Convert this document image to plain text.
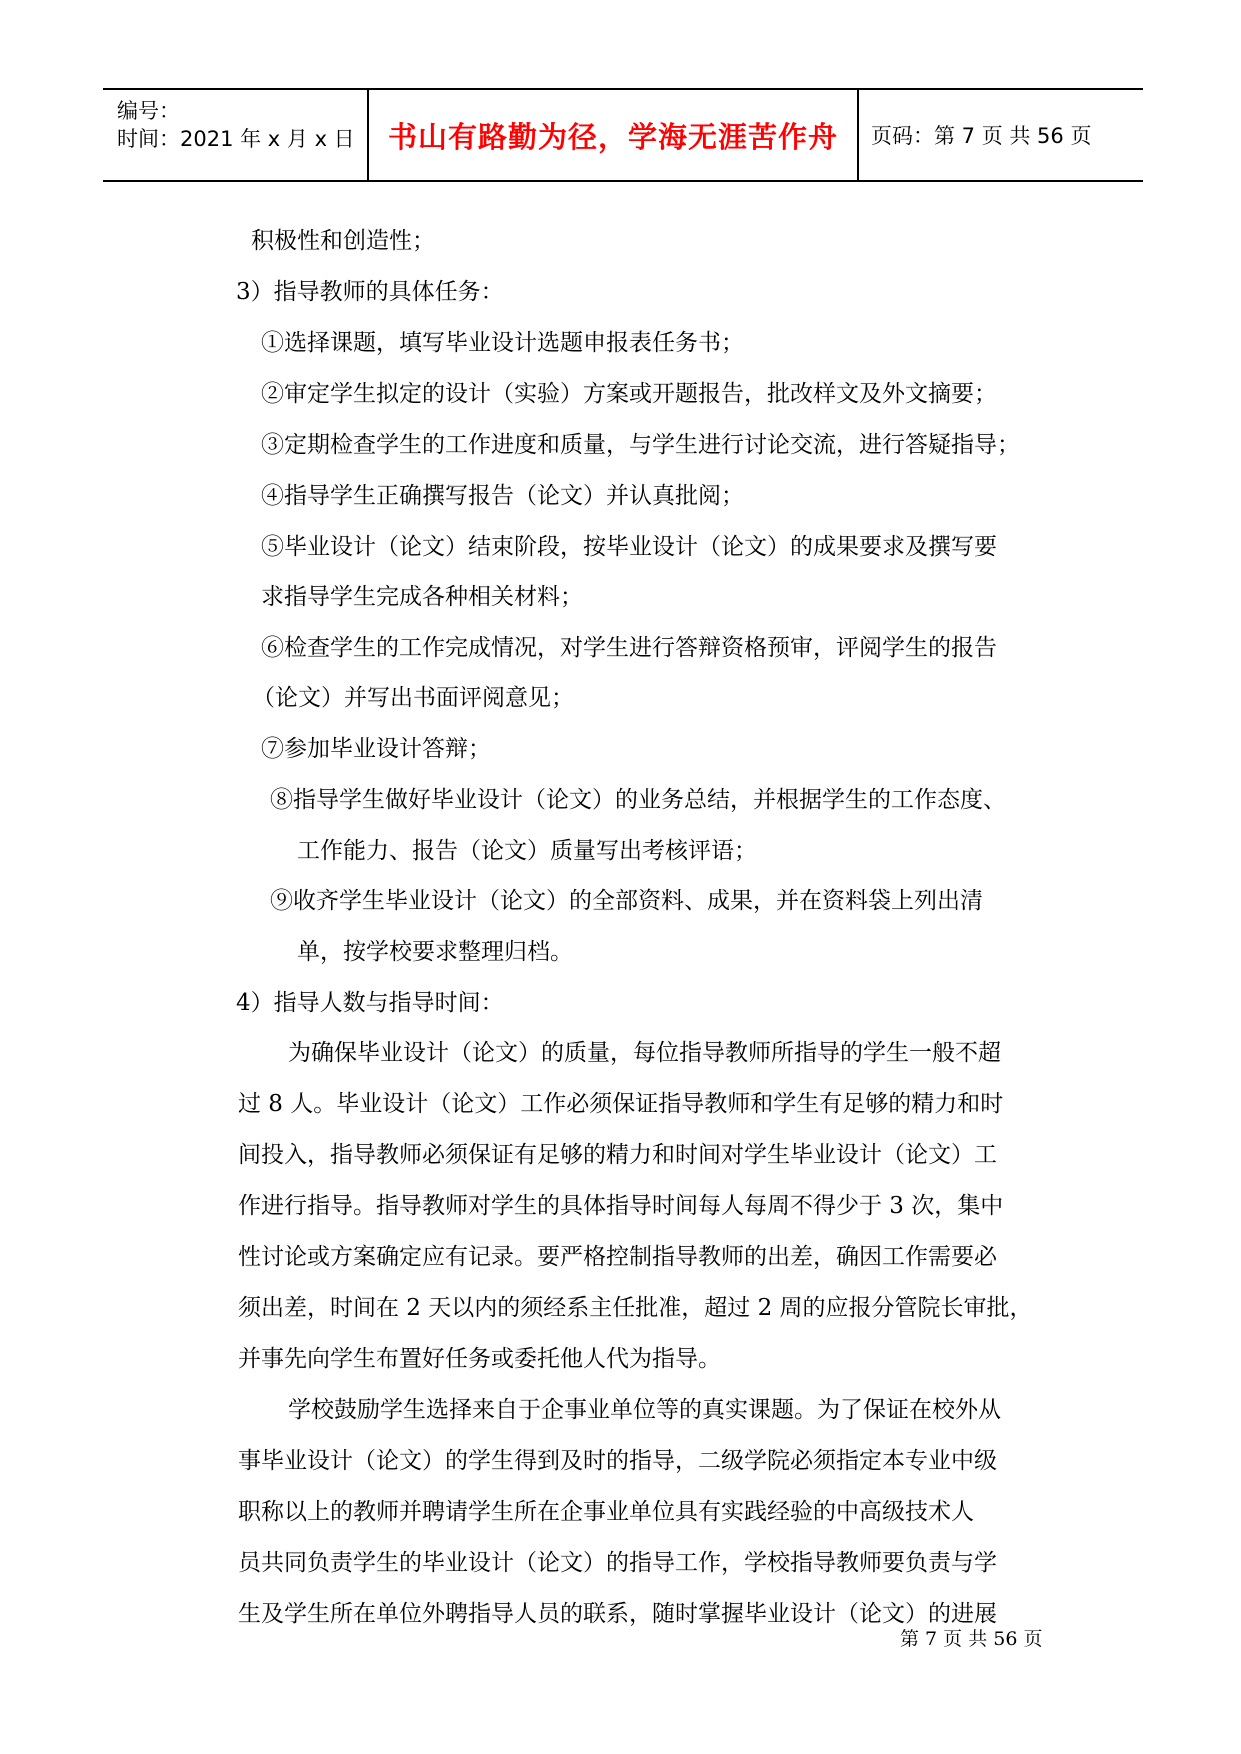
编号：
时间：2021 年 x 月 x 日	书山有路勤为径，学海无涯苦作舟	页码：第 7 页 共 56 页
积极性和创造性；
3）指导教师的具体任务：
①选择课题，填写毕业设计选题申报表任务书；
②审定学生拟定的设计（实验）方案或开题报告，批改样文及外文摘要；
③定期检查学生的工作进度和质量，与学生进行讨论交流，进行答疑指导；
④指导学生正确撰写报告（论文）并认真批阅；
⑤毕业设计（论文）结束阶段，按毕业设计（论文）的成果要求及撰写要
求指导学生完成各种相关材料；
⑥检查学生的工作完成情况，对学生进行答辩资格预审，评阅学生的报告
（论文）并写出书面评阅意见；
⑦参加毕业设计答辩；
⑧指导学生做好毕业设计（论文）的业务总结，并根据学生的工作态度、
工作能力、报告（论文）质量写出考核评语；
⑨收齐学生毕业设计（论文）的全部资料、成果，并在资料袋上列出清
单，按学校要求整理归档。
4）指导人数与指导时间：
为确保毕业设计（论文）的质量，每位指导教师所指导的学生一般不超
过 8 人。毕业设计（论文）工作必须保证指导教师和学生有足够的精力和时
间投入，指导教师必须保证有足够的精力和时间对学生毕业设计（论文）工
作进行指导。指导教师对学生的具体指导时间每人每周不得少于 3 次，集中
性讨论或方案确定应有记录。要严格控制指导教师的出差，确因工作需要必
须出差，时间在 2 天以内的须经系主任批准，超过 2 周的应报分管院长审批，
并事先向学生布置好任务或委托他人代为指导。
学校鼓励学生选择来自于企事业单位等的真实课题。为了保证在校外从
事毕业设计（论文）的学生得到及时的指导，二级学院必须指定本专业中级
职称以上的教师并聘请学生所在企事业单位具有实践经验的中高级技术人
员共同负责学生的毕业设计（论文）的指导工作，学校指导教师要负责与学
生及学生所在单位外聘指导人员的联系，随时掌握毕业设计（论文）的进展
第 7 页 共 56 页
